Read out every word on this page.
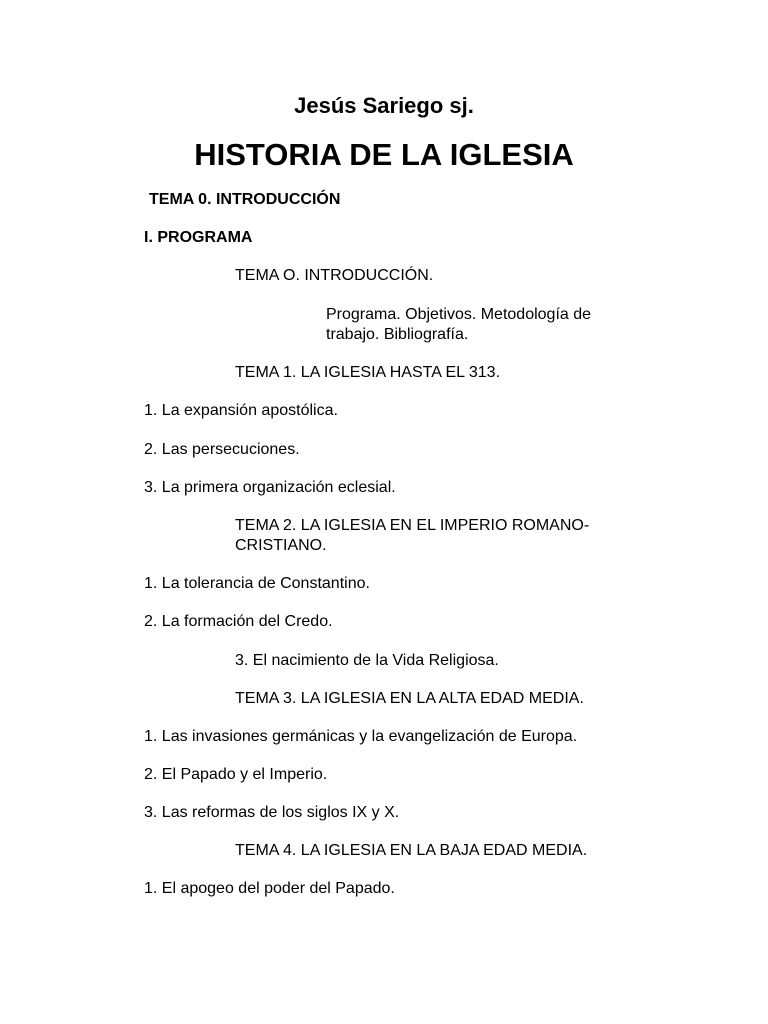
Jesús Sariego sj.
HISTORIA DE LA IGLESIA
TEMA 0. INTRODUCCIÓN
I. PROGRAMA
TEMA O. INTRODUCCIÓN.
Programa. Objetivos. Metodología de
trabajo. Bibliografía.
TEMA 1. LA IGLESIA HASTA EL 313.
1. La expansión apostólica.
2. Las persecuciones.
3. La primera organización eclesial.
TEMA 2. LA IGLESIA EN EL IMPERIO ROMANO-
CRISTIANO.
1. La tolerancia de Constantino.
2. La formación del Credo.
3. El nacimiento de la Vida Religiosa.
TEMA 3. LA IGLESIA EN LA ALTA EDAD MEDIA.
1. Las invasiones germánicas y la evangelización de Europa.
2. El Papado y el Imperio.
3. Las reformas de los siglos IX y X.
TEMA 4. LA IGLESIA EN LA BAJA EDAD MEDIA.
1. El apogeo del poder del Papado.
